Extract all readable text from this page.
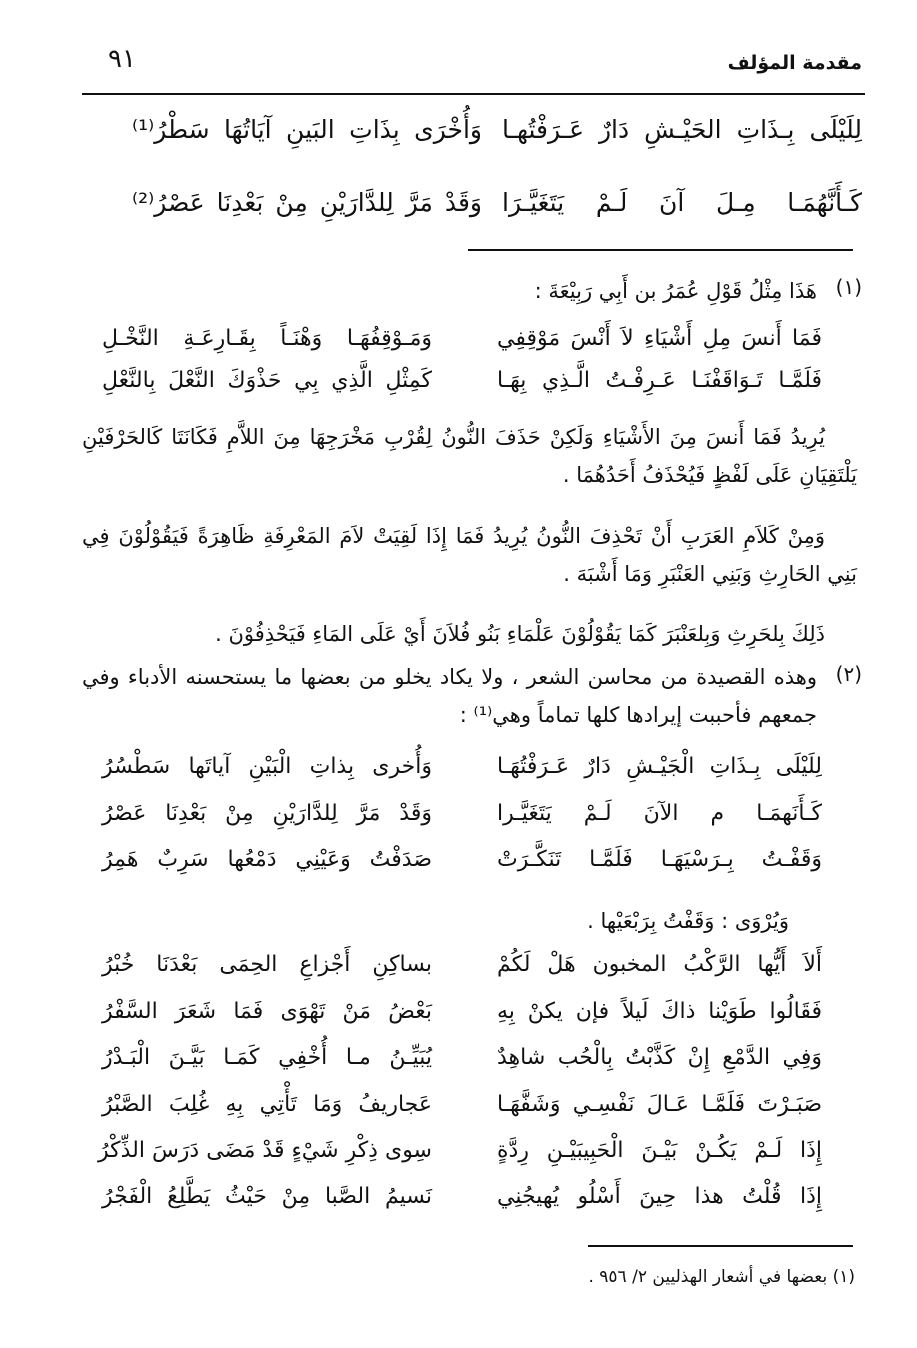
مقدمة المؤلف
٩١
لِلَيْلَى بِـذَاتِ الحَيْـشِ دَارٌ عَـرَفْتُهـا
وَأُخْرَى بِذَاتِ البَينِ آيَاتُهَا سَطْرُ⁽¹⁾
كَـأَنَّهُمَـا مِـلَ آنَ لَـمْ يَتَغَيَّـرَا
وَقَدْ مَرَّ لِلدَّارَيْنِ مِنْ بَعْدِنَا عَصْرُ⁽²⁾
(١)
هَذَا مِثْلُ قَوْلِ عُمَرُ بن أَبِي رَبِيْعَةَ :
فَمَا أَنسَ مِلِ أَشْيَاءِ لاَ أَنْسَ مَوْقِفِي
وَمَـوْقِفُهَـا وَهْنَـاً بِقَـارِعَـةِ النَّخْـلِ
فَلَمَّـا تَـوَاقَفْنَـا عَـرِفْـتُ الَّـذِي بِهَـا
كَمِثْلِ الَّذِي بِي حَذْوَكَ النَّعْلَ بِالنَّعْلِ
يُرِيدُ فَمَا أَنسَ مِنَ الأَشْيَاءِ وَلَكِنْ حَذَفَ النُّونُ لِقُرْبِ مَخْرَجِهَا مِنَ اللاَّمِ فَكَانَتَا كَالحَرْفَيْنِ يَلْتَقِيَانِ عَلَى لَفْظٍ فَيُحْذَفُ أَحَدُهُمَا .
وَمِنْ كَلاَمِ العَرَبِ أَنْ تَحْذِفَ النُّونُ يُرِيدُ فَمَا إِذَا لَقِيَتْ لاَمَ المَعْرِفَةِ ظَاهِرَةً فَيَقُوْلُوْنَ فِي بَنِي الحَارِثِ وَبَنِي العَنْبَرِ وَمَا أَشْبَهَ .
ذَلِكَ بِلحَرِثِ وَبِلعَنْبَرَ كَمَا يَقُوْلُوْنَ عَلْمَاءِ بَنُو فُلاَنَ أَيْ عَلَى المَاءِ فَيَحْذِفُوْنَ .
(٢)
وهذه القصيدة من محاسن الشعر ، ولا يكاد يخلو من بعضها ما يستحسنه الأدباء وفي جمعهم فأحببت إيرادها كلها تماماً وهي⁽¹⁾ :
لِلَيْلَى بِـذَاتِ الْجَيْـشِ دَارٌ عَـرَفْتُهَـا
وَأُخرى بِذاتِ الْبَيْنِ آياتَها سَطْسُرُ
كَـأَنَهمَـا م الآنَ لَـمْ يَتَغَيَّـرا
وَقَدْ مَرَّ لِلدَّارَيْنِ مِنْ بَعْدِنَا عَصْرُ
وَقَفْـتُ بِـرَسْيَهَـا فَلَمَّـا تَنَكَّـرَتْ
صَدَفْتُ وَعَيْنِي دَمْعُها سَرِبٌ هَمِرُ
وَيُرْوَى : وَقَفْتُ بِرَبْعَيْها .
أَلاَ أَيُّها الرَّكْبُ المخبون هَلْ لَكُمْ
بساكِنِ أَجْزاعِ الحِمَى بَعْدَنَا خُبْرُ
فَقَالُوا طَوَيْنا ذاكَ لَيلاً فإن يكنْ بِهِ
بَعْضُ مَنْ تَهْوَى فَمَا شَعَرَ السَّفْرُ
وَفِي الدَّمْعِ إِنْ كَذَّبْتُ بِالْحُب شاهِدٌ
يُبَيِّـنُ مـا أُخْفِي كَمَـا بَيَّـنَ الْبَـدْرُ
صَبَـرْتَ فَلَمَّـا عَـالَ نَفْسِـي وَشَفَّهَـا
عَجاريفُ وَمَا تَأْتِي بِهِ غُلِبَ الصَّبْرُ
إِذَا لَـمْ يَكُـنْ بَيْـنَ الْحَبِيبَيْـنِ رِدَّةٍ
سِوى ذِكْرِ شَيْءٍ قَدْ مَضَى دَرَسَ الذِّكْرُ
إِذَا قُلْتُ هذا حِينَ أَسْلُو يُهيجُنِي
نَسيمُ الصَّبا مِنْ حَيْثُ يَطَّلِعُ الْفَجْرُ
(١) بعضها في أشعار الهذليين ٢/ ٩٥٦ .
